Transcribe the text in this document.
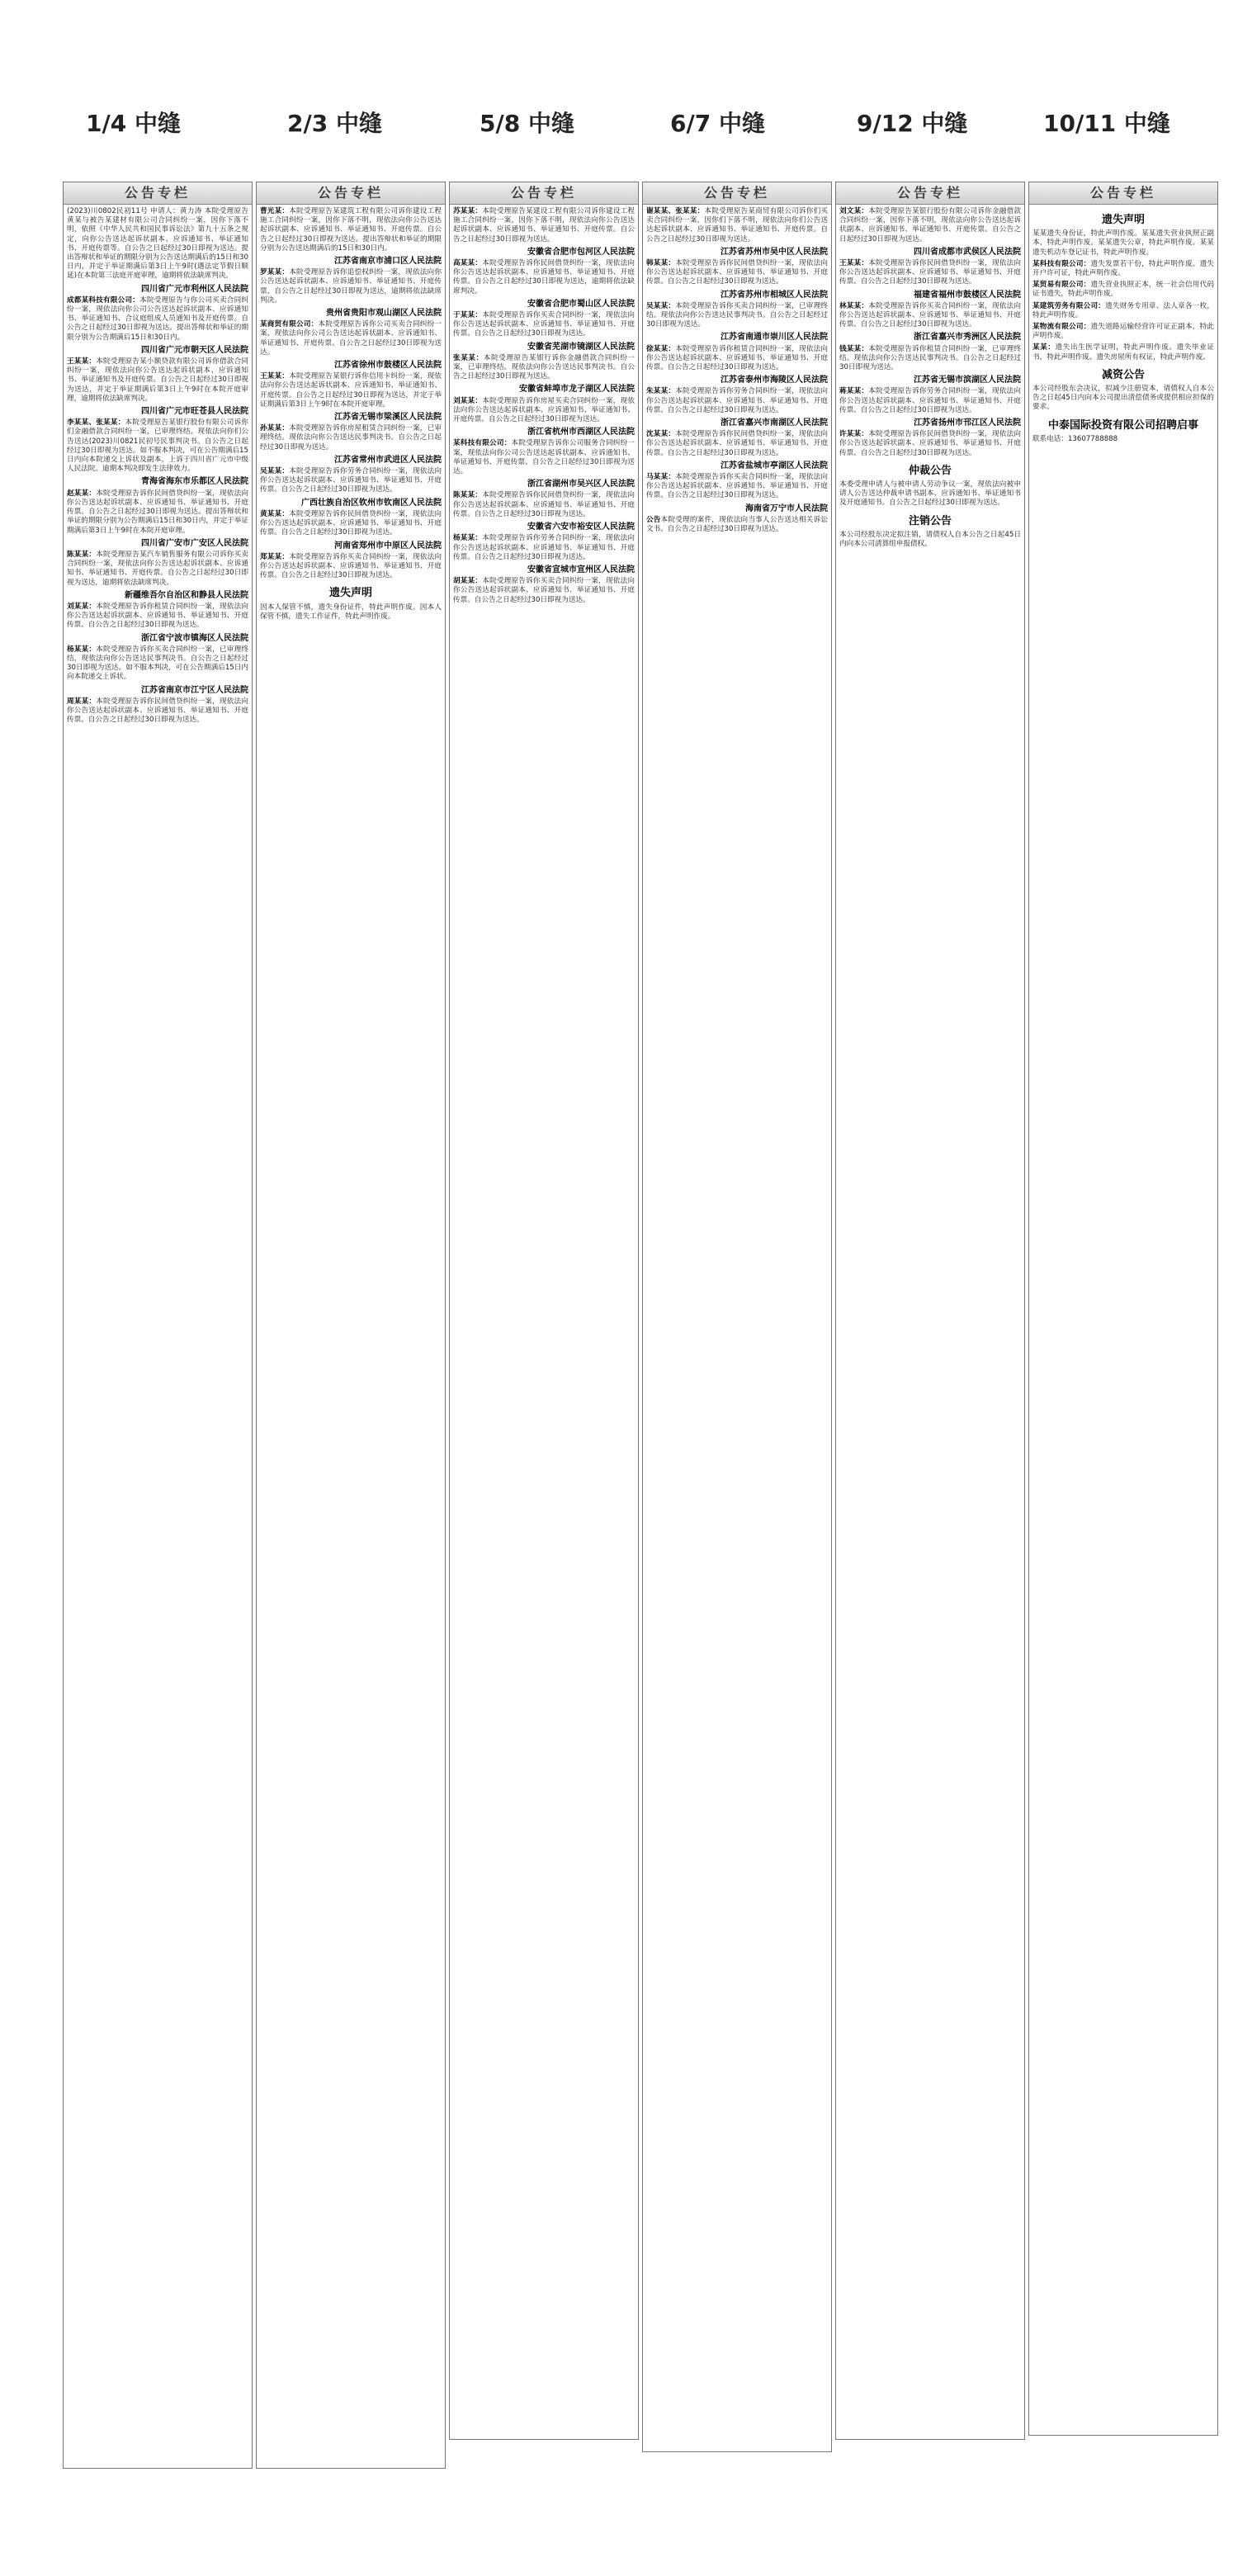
1/4 中缝	2/3 中缝	5/8 中缝	6/7 中缝	9/12 中缝	10/11 中缝
公告专栏
(2023)川0802民初11号 申请人：黄力涛 本院受理原告黄某与被告某建材有限公司合同纠纷一案，因你下落不明，依照《中华人民共和国民事诉讼法》第九十五条之规定，向你公告送达起诉状副本、应诉通知书、举证通知书、开庭传票等。自公告之日起经过30日即视为送达。提出答辩状和举证的期限分别为公告送达期满后的15日和30日内，并定于举证期满后第3日上午9时(遇法定节假日顺延)在本院第三法庭开庭审理，逾期将依法缺席判决。
四川省广元市利州区人民法院
成都某科技有限公司：本院受理原告与你公司买卖合同纠纷一案，现依法向你公司公告送达起诉状副本、应诉通知书、举证通知书、合议庭组成人员通知书及开庭传票。自公告之日起经过30日即视为送达。提出答辩状和举证的期限分别为公告期满后15日和30日内。
四川省广元市朝天区人民法院
王某某：本院受理原告某小额贷款有限公司诉你借款合同纠纷一案，现依法向你公告送达起诉状副本、应诉通知书、举证通知书及开庭传票。自公告之日起经过30日即视为送达，并定于举证期满后第3日上午9时在本院开庭审理，逾期将依法缺席判决。
四川省广元市旺苍县人民法院
李某某、张某某：本院受理原告某银行股份有限公司诉你们金融借款合同纠纷一案，已审理终结。现依法向你们公告送达(2023)川0821民初号民事判决书。自公告之日起经过30日即视为送达。如不服本判决，可在公告期满后15日内向本院递交上诉状及副本，上诉于四川省广元市中级人民法院。逾期本判决即发生法律效力。
青海省海东市乐都区人民法院
赵某某：本院受理原告诉你民间借贷纠纷一案，现依法向你公告送达起诉状副本、应诉通知书、举证通知书、开庭传票。自公告之日起经过30日即视为送达。提出答辩状和举证的期限分别为公告期满后15日和30日内，并定于举证期满后第3日上午9时在本院开庭审理。
四川省广安市广安区人民法院
陈某某：本院受理原告某汽车销售服务有限公司诉你买卖合同纠纷一案，现依法向你公告送达起诉状副本、应诉通知书、举证通知书、开庭传票。自公告之日起经过30日即视为送达，逾期将依法缺席判决。
新疆维吾尔自治区和静县人民法院
刘某某：本院受理原告诉你租赁合同纠纷一案，现依法向你公告送达起诉状副本、应诉通知书、举证通知书、开庭传票。自公告之日起经过30日即视为送达。
浙江省宁波市镇海区人民法院
杨某某：本院受理原告诉你买卖合同纠纷一案，已审理终结，现依法向你公告送达民事判决书。自公告之日起经过30日即视为送达。如不服本判决，可在公告期满后15日内向本院递交上诉状。
江苏省南京市江宁区人民法院
周某某：本院受理原告诉你民间借贷纠纷一案，现依法向你公告送达起诉状副本、应诉通知书、举证通知书、开庭传票。自公告之日起经过30日即视为送达。
公告专栏
曹光某：本院受理原告某建筑工程有限公司诉你建设工程施工合同纠纷一案，因你下落不明，现依法向你公告送达起诉状副本、应诉通知书、举证通知书、开庭传票。自公告之日起经过30日即视为送达。提出答辩状和举证的期限分别为公告送达期满后的15日和30日内。
江苏省南京市浦口区人民法院
罗某某：本院受理原告诉你追偿权纠纷一案，现依法向你公告送达起诉状副本、应诉通知书、举证通知书、开庭传票，自公告之日起经过30日即视为送达，逾期将依法缺席判决。
贵州省贵阳市观山湖区人民法院
某商贸有限公司：本院受理原告诉你公司买卖合同纠纷一案，现依法向你公司公告送达起诉状副本、应诉通知书、举证通知书、开庭传票。自公告之日起经过30日即视为送达。
江苏省徐州市鼓楼区人民法院
王某某：本院受理原告某银行诉你信用卡纠纷一案，现依法向你公告送达起诉状副本、应诉通知书、举证通知书、开庭传票。自公告之日起经过30日即视为送达，并定于举证期满后第3日上午9时在本院开庭审理。
江苏省无锡市梁溪区人民法院
孙某某：本院受理原告诉你房屋租赁合同纠纷一案，已审理终结。现依法向你公告送达民事判决书。自公告之日起经过30日即视为送达。
江苏省常州市武进区人民法院
吴某某：本院受理原告诉你劳务合同纠纷一案，现依法向你公告送达起诉状副本、应诉通知书、举证通知书、开庭传票。自公告之日起经过30日即视为送达。
广西壮族自治区钦州市钦南区人民法院
黄某某：本院受理原告诉你民间借贷纠纷一案，现依法向你公告送达起诉状副本、应诉通知书、举证通知书、开庭传票。自公告之日起经过30日即视为送达。
河南省郑州市中原区人民法院
郑某某：本院受理原告诉你买卖合同纠纷一案，现依法向你公告送达起诉状副本、应诉通知书、举证通知书、开庭传票。自公告之日起经过30日即视为送达。
遗失声明
因本人保管不慎，遗失身份证件，特此声明作废。因本人保管不慎，遗失工作证件，特此声明作废。
公告专栏
苏某某：本院受理原告某建设工程有限公司诉你建设工程施工合同纠纷一案，因你下落不明，现依法向你公告送达起诉状副本、应诉通知书、举证通知书、开庭传票。自公告之日起经过30日即视为送达。
安徽省合肥市包河区人民法院
高某某：本院受理原告诉你民间借贷纠纷一案，现依法向你公告送达起诉状副本、应诉通知书、举证通知书、开庭传票。自公告之日起经过30日即视为送达，逾期将依法缺席判决。
安徽省合肥市蜀山区人民法院
于某某：本院受理原告诉你买卖合同纠纷一案，现依法向你公告送达起诉状副本、应诉通知书、举证通知书、开庭传票。自公告之日起经过30日即视为送达。
安徽省芜湖市镜湖区人民法院
张某某：本院受理原告某银行诉你金融借款合同纠纷一案，已审理终结。现依法向你公告送达民事判决书。自公告之日起经过30日即视为送达。
安徽省蚌埠市龙子湖区人民法院
刘某某：本院受理原告诉你房屋买卖合同纠纷一案，现依法向你公告送达起诉状副本、应诉通知书、举证通知书、开庭传票。自公告之日起经过30日即视为送达。
浙江省杭州市西湖区人民法院
某科技有限公司：本院受理原告诉你公司服务合同纠纷一案，现依法向你公司公告送达起诉状副本、应诉通知书、举证通知书、开庭传票。自公告之日起经过30日即视为送达。
浙江省湖州市吴兴区人民法院
陈某某：本院受理原告诉你民间借贷纠纷一案，现依法向你公告送达起诉状副本、应诉通知书、举证通知书、开庭传票。自公告之日起经过30日即视为送达。
安徽省六安市裕安区人民法院
杨某某：本院受理原告诉你劳务合同纠纷一案，现依法向你公告送达起诉状副本、应诉通知书、举证通知书、开庭传票。自公告之日起经过30日即视为送达。
安徽省宣城市宣州区人民法院
胡某某：本院受理原告诉你买卖合同纠纷一案，现依法向你公告送达起诉状副本、应诉通知书、举证通知书、开庭传票。自公告之日起经过30日即视为送达。
公告专栏
谢某某、张某某：本院受理原告某商贸有限公司诉你们买卖合同纠纷一案，因你们下落不明，现依法向你们公告送达起诉状副本、应诉通知书、举证通知书、开庭传票。自公告之日起经过30日即视为送达。
江苏省苏州市吴中区人民法院
韩某某：本院受理原告诉你民间借贷纠纷一案，现依法向你公告送达起诉状副本、应诉通知书、举证通知书、开庭传票。自公告之日起经过30日即视为送达。
江苏省苏州市相城区人民法院
吴某某：本院受理原告诉你买卖合同纠纷一案，已审理终结。现依法向你公告送达民事判决书。自公告之日起经过30日即视为送达。
江苏省南通市崇川区人民法院
徐某某：本院受理原告诉你租赁合同纠纷一案，现依法向你公告送达起诉状副本、应诉通知书、举证通知书、开庭传票。自公告之日起经过30日即视为送达。
江苏省泰州市海陵区人民法院
朱某某：本院受理原告诉你劳务合同纠纷一案，现依法向你公告送达起诉状副本、应诉通知书、举证通知书、开庭传票。自公告之日起经过30日即视为送达。
浙江省嘉兴市南湖区人民法院
沈某某：本院受理原告诉你民间借贷纠纷一案，现依法向你公告送达起诉状副本、应诉通知书、举证通知书、开庭传票。自公告之日起经过30日即视为送达。
江苏省盐城市亭湖区人民法院
马某某：本院受理原告诉你买卖合同纠纷一案，现依法向你公告送达起诉状副本、应诉通知书、举证通知书、开庭传票。自公告之日起经过30日即视为送达。
海南省万宁市人民法院
公告本院受理的案件，现依法向当事人公告送达相关诉讼文书。自公告之日起经过30日即视为送达。
公告专栏
刘文某：本院受理原告某银行股份有限公司诉你金融借款合同纠纷一案，因你下落不明，现依法向你公告送达起诉状副本、应诉通知书、举证通知书、开庭传票。自公告之日起经过30日即视为送达。
四川省成都市武侯区人民法院
王某某：本院受理原告诉你民间借贷纠纷一案，现依法向你公告送达起诉状副本、应诉通知书、举证通知书、开庭传票。自公告之日起经过30日即视为送达。
福建省福州市鼓楼区人民法院
林某某：本院受理原告诉你买卖合同纠纷一案，现依法向你公告送达起诉状副本、应诉通知书、举证通知书、开庭传票。自公告之日起经过30日即视为送达。
浙江省嘉兴市秀洲区人民法院
钱某某：本院受理原告诉你租赁合同纠纷一案，已审理终结。现依法向你公告送达民事判决书。自公告之日起经过30日即视为送达。
江苏省无锡市滨湖区人民法院
蒋某某：本院受理原告诉你劳务合同纠纷一案，现依法向你公告送达起诉状副本、应诉通知书、举证通知书、开庭传票。自公告之日起经过30日即视为送达。
江苏省扬州市邗江区人民法院
许某某：本院受理原告诉你民间借贷纠纷一案，现依法向你公告送达起诉状副本、应诉通知书、举证通知书、开庭传票。自公告之日起经过30日即视为送达。
仲裁公告
本委受理申请人与被申请人劳动争议一案，现依法向被申请人公告送达仲裁申请书副本、应诉通知书、举证通知书及开庭通知书。自公告之日起经过30日即视为送达。
注销公告
本公司经股东决定拟注销，请债权人自本公告之日起45日内向本公司清算组申报债权。
公告专栏
遗失声明
某某遗失身份证，特此声明作废。某某遗失营业执照正副本，特此声明作废。某某遗失公章，特此声明作废。某某遗失机动车登记证书，特此声明作废。
某科技有限公司：遗失发票若干份，特此声明作废。遗失开户许可证，特此声明作废。
某贸易有限公司：遗失营业执照正本，统一社会信用代码证书遗失，特此声明作废。
某建筑劳务有限公司：遗失财务专用章、法人章各一枚，特此声明作废。
某物流有限公司：遗失道路运输经营许可证正副本，特此声明作废。
某某：遗失出生医学证明，特此声明作废。遗失毕业证书，特此声明作废。遗失房屋所有权证，特此声明作废。
减资公告
本公司经股东会决议，拟减少注册资本，请债权人自本公告之日起45日内向本公司提出清偿债务或提供相应担保的要求。
中泰国际投资有限公司招聘启事
联系电话：13607788888
